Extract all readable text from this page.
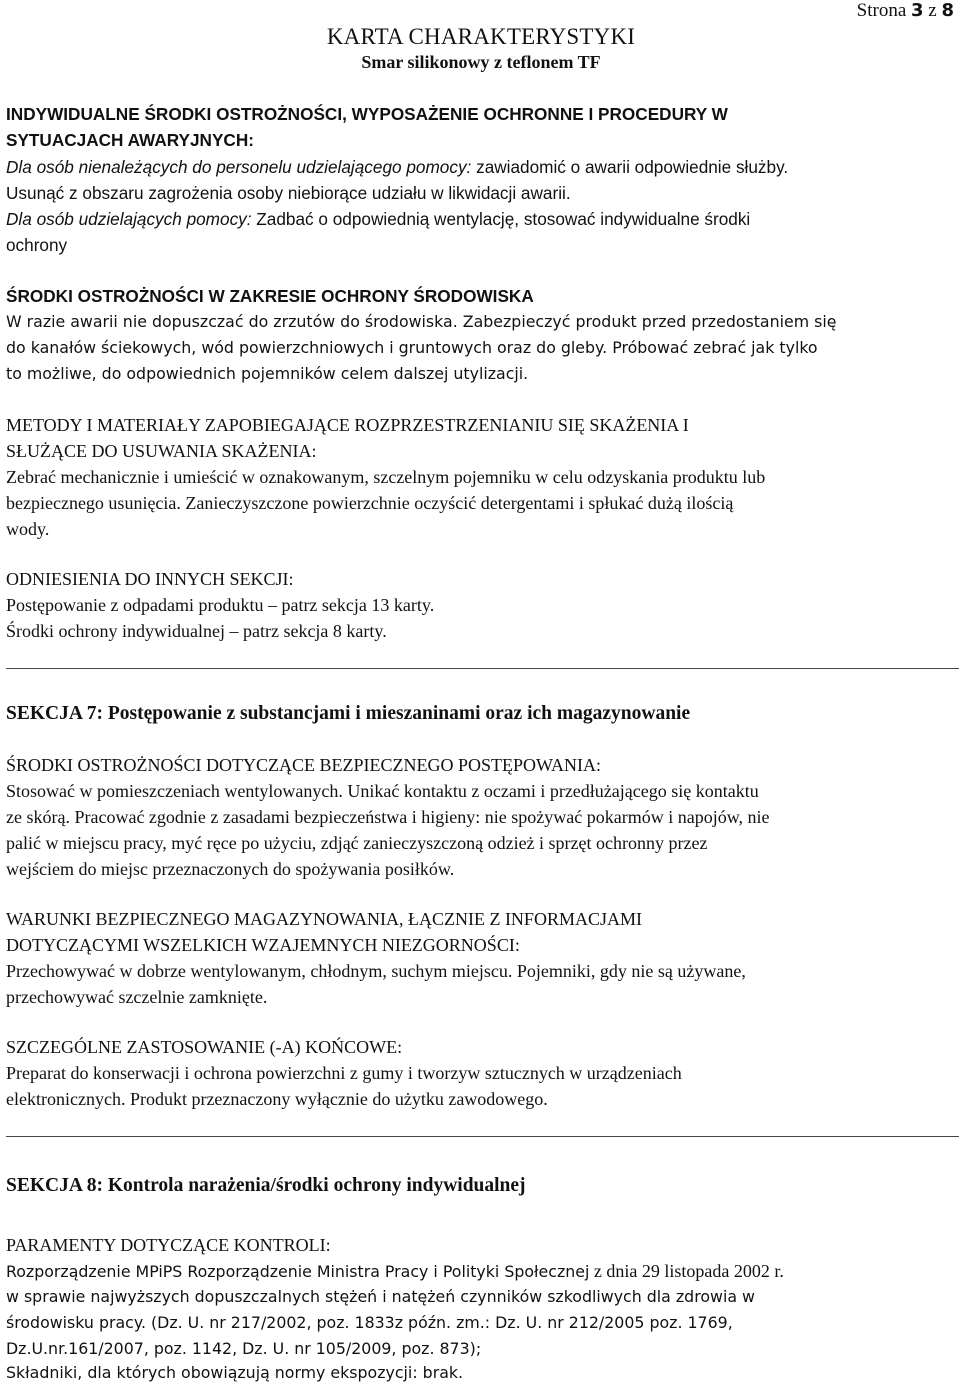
Strona 3 z 8
KARTA CHARAKTERYSTYKI
Smar silikonowy z teflonem TF

INDYWIDUALNE ŚRODKI OSTROŻNOŚCI, WYPOSAŻENIE OCHRONNE I PROCEDURY W

SYTUACJACH AWARYJNYCH:

Dla osób nienależących do personelu udzielającego pomocy: zawiadomić o awarii odpowiednie służby.

Usunąć z obszaru zagrożenia osoby niebiorące udziału w likwidacji awarii.

Dla osób udzielających pomocy: Zadbać o odpowiednią wentylację, stosować indywidualne środki

ochrony

ŚRODKI OSTROŻNOŚCI W ZAKRESIE OCHRONY ŚRODOWISKA

W razie awarii nie dopuszczać do zrzutów do środowiska. Zabezpieczyć produkt przed przedostaniem się

do kanałów ściekowych, wód powierzchniowych i gruntowych oraz do gleby. Próbować zebrać jak tylko

to możliwe, do odpowiednich pojemników celem dalszej utylizacji.

METODY I MATERIAŁY ZAPOBIEGAJĄCE ROZPRZESTRZENIANIU SIĘ SKAŻENIA I

SŁUŻĄCE DO USUWANIA SKAŻENIA:

Zebrać mechanicznie i umieścić w oznakowanym, szczelnym pojemniku w celu odzyskania produktu lub

bezpiecznego usunięcia. Zanieczyszczone powierzchnie oczyścić detergentami i spłukać dużą ilością

wody.

ODNIESIENIA DO INNYCH SEKCJI:

Postępowanie z odpadami produktu – patrz sekcja 13 karty.

Środki ochrony indywidualnej – patrz sekcja 8 karty.

SEKCJA 7: Postępowanie z substancjami i mieszaninami oraz ich magazynowanie

ŚRODKI OSTROŻNOŚCI DOTYCZĄCE BEZPIECZNEGO POSTĘPOWANIA:

Stosować w pomieszczeniach wentylowanych. Unikać kontaktu z oczami i przedłużającego się kontaktu

ze skórą. Pracować zgodnie z zasadami bezpieczeństwa i higieny: nie spożywać pokarmów i napojów, nie

palić w miejscu pracy, myć ręce po użyciu, zdjąć zanieczyszczoną odzież i sprzęt ochronny przez

wejściem do miejsc przeznaczonych do spożywania posiłków.

WARUNKI BEZPIECZNEGO MAGAZYNOWANIA, ŁĄCZNIE Z INFORMACJAMI

DOTYCZĄCYMI WSZELKICH WZAJEMNYCH NIEZGORNOŚCI:

Przechowywać w dobrze wentylowanym, chłodnym, suchym miejscu. Pojemniki, gdy nie są używane,

przechowywać szczelnie zamknięte.

SZCZEGÓLNE ZASTOSOWANIE (-A) KOŃCOWE:

Preparat do konserwacji i ochrona powierzchni z gumy i tworzyw sztucznych w urządzeniach

elektronicznych. Produkt przeznaczony wyłącznie do użytku zawodowego.

SEKCJA 8: Kontrola narażenia/środki ochrony indywidualnej

PARAMENTY DOTYCZĄCE KONTROLI:

Rozporządzenie MPiPS Rozporządzenie Ministra Pracy i Polityki Społecznej z dnia 29 listopada 2002 r.

w sprawie najwyższych dopuszczalnych stężeń i natężeń czynników szkodliwych dla zdrowia w

środowisku pracy. (Dz. U. nr 217/2002, poz. 1833z późn. zm.: Dz. U. nr 212/2005 poz. 1769,

Dz.U.nr.161/2007, poz. 1142, Dz. U. nr 105/2009, poz. 873);

Składniki, dla których obowiązują normy ekspozycji: brak.
